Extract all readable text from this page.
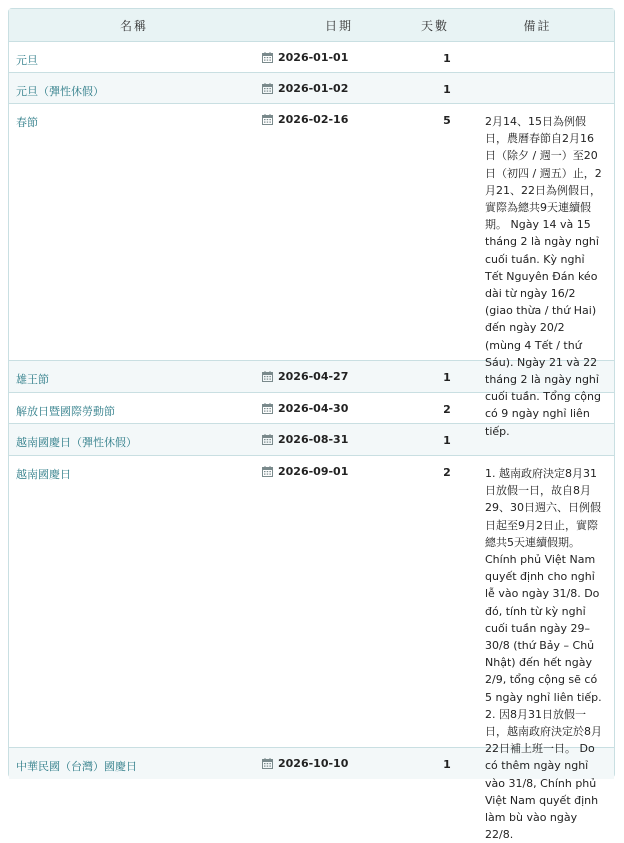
名稱	日期	天數	備註
元旦	2026-01-01	1
元旦（彈性休假）	2026-01-02	1
春節	2026-02-16	5	2月14、15日為例假日，農曆春節自2月16日（除夕 / 週一）至20日（初四 / 週五）止，2月21、22日為例假日，實際為總共9天連續假期。 Ngày 14 và 15 tháng 2 là ngày nghỉ cuối tuần. Kỳ nghỉ Tết Nguyên Đán kéo dài từ ngày 16/2 (giao thừa / thứ Hai) đến ngày 20/2 (mùng 4 Tết / thứ Sáu). Ngày 21 và 22 tháng 2 là ngày nghỉ cuối tuần. Tổng cộng có 9 ngày nghỉ liên tiếp.
雄王節	2026-04-27	1
解放日暨國際勞動節	2026-04-30	2
越南國慶日（彈性休假）	2026-08-31	1
越南國慶日	2026-09-01	2	1. 越南政府決定8月31日放假一日，故自8月29、30日週六、日例假日起至9月2日止，實際總共5天連續假期。 Chính phủ Việt Nam quyết định cho nghỉ lễ vào ngày 31/8. Do đó, tính từ kỳ nghỉ cuối tuần ngày 29–30/8 (thứ Bảy – Chủ Nhật) đến hết ngày 2/9, tổng cộng sẽ có 5 ngày nghỉ liên tiếp. 2. 因8月31日放假一日，越南政府決定於8月22日補上班一日。 Do có thêm ngày nghỉ vào 31/8, Chính phủ Việt Nam quyết định làm bù vào ngày 22/8.
中華民國（台灣）國慶日	2026-10-10	1
